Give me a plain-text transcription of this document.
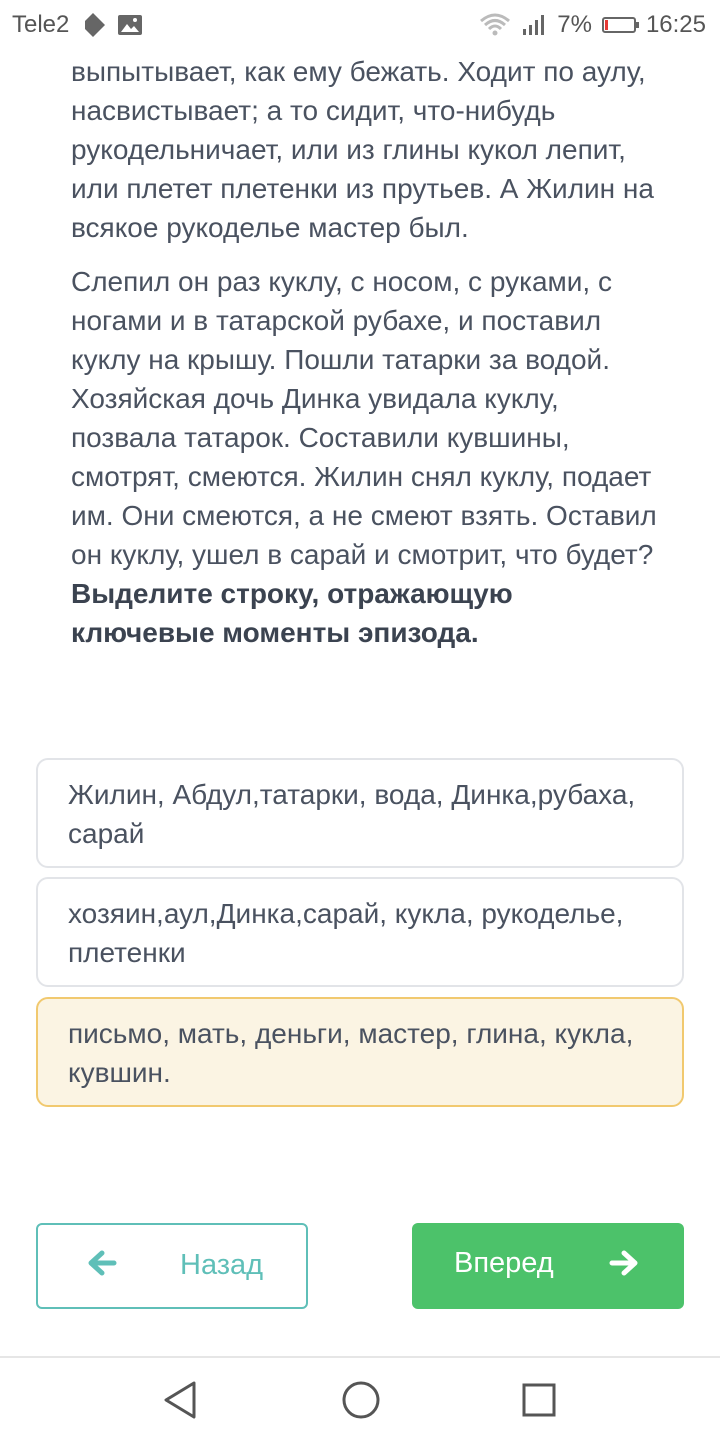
Tele2	7% 16:25

выпытывает, как ему бежать. Ходит по аулу, насвистывает; а то сидит, что-нибудь рукодельничает, или из глины кукол лепит, или плетет плетенки из прутьев. А Жилин на всякое рукоделье мастер был.

Слепил он раз куклу, с носом, с руками, с ногами и в татарской рубахе, и поставил куклу на крышу. Пошли татарки за водой. Хозяйская дочь Динка увидала куклу, позвала татарок. Составили кувшины, смотрят, смеются. Жилин снял куклу, подает им. Они смеются, а не смеют взять. Оставил он куклу, ушел в сарай и смотрит, что будет?

Выделите строку, отражающую ключевые моменты эпизода.

Жилин, Абдул,татарки, вода, Динка,рубаха, сарай
хозяин,аул,Динка,сарай, кукла, рукоделье, плетенки
письмо, мать, деньги, мастер, глина, кукла, кувшин.
Назад	Вперед
